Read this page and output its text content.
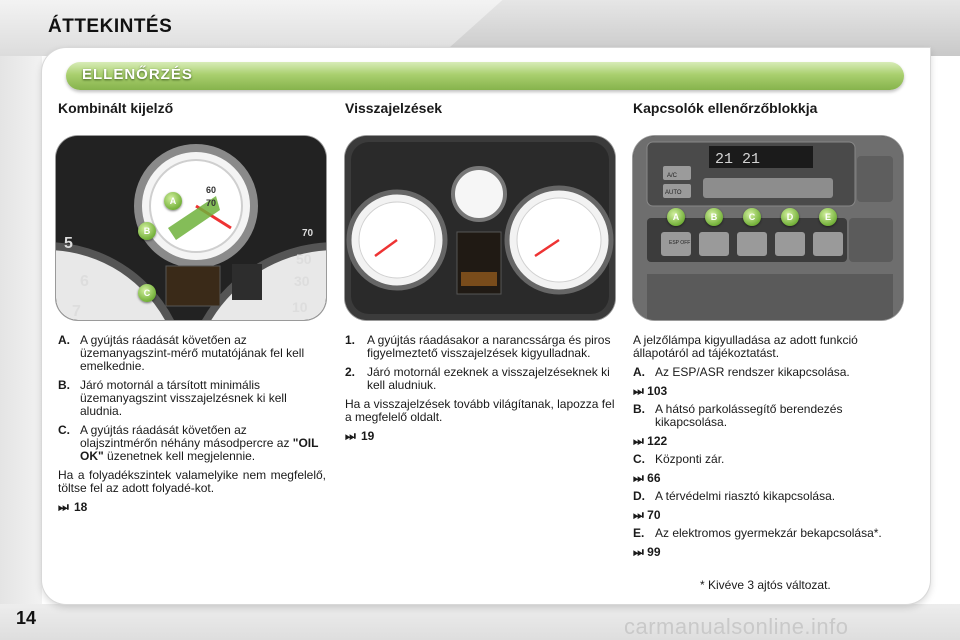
ÁTTEKINTÉS
ELLENŐRZÉS
Kombinált kijelző	Visszajelzések	Kapcsolók ellenőrzőblokkja
60
70
5
6
7
70
50
30
10
A
B
C
21 21
A/C
AUTO
ESP OFF
A	B	C	D	E
A. A gyújtás ráadását követően az üzemanyagszint-mérő mutatójának fel kell emelkednie.
B. Járó motornál a társított minimális üzemanyagszint visszajelzésnek ki kell aludnia.
C. A gyújtás ráadását követően az olajszintmérőn néhány másodpercre az "OIL OK" üzenetnek kell megjelennie.
Ha a folyadékszintek valamelyike nem megfelelő, töltse fel az adott folyadé-kot.
⏭ 18
1. A gyújtás ráadásakor a narancssárga és piros figyelmeztető visszajelzések kigyulladnak.
2. Járó motornál ezeknek a visszajelzéseknek ki kell aludniuk.
Ha a visszajelzések tovább világítanak, lapozza fel a megfelelő oldalt.
⏭ 19
A jelzőlámpa kigyulladása az adott funkció állapotáról ad tájékoztatást.
A. Az ESP/ASR rendszer kikapcsolása.
⏭ 103
B. A hátsó parkolássegítő berendezés kikapcsolása.
⏭ 122
C. Központi zár.
⏭ 66
D. A térvédelmi riasztó kikapcsolása.
⏭ 70
E. Az elektromos gyermekzár bekapcsolása*.
⏭ 99
* Kivéve 3 ajtós változat.
14	carmanualsonline.info
